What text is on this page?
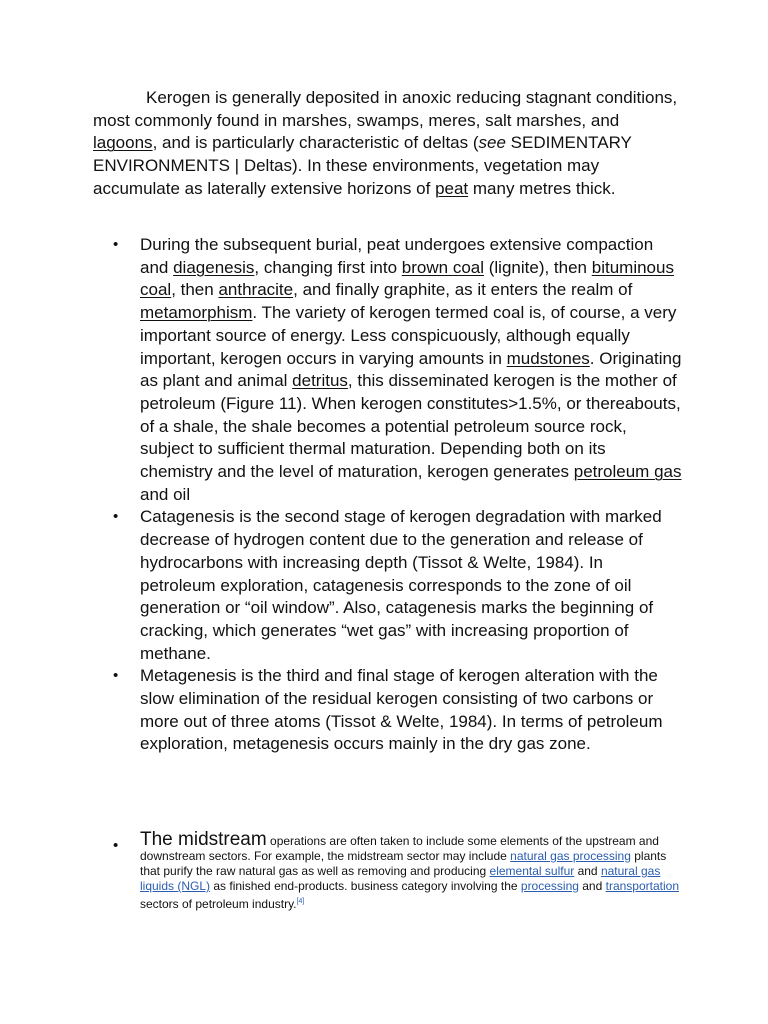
Kerogen is generally deposited in anoxic reducing stagnant conditions, most commonly found in marshes, swamps, meres, salt marshes, and lagoons, and is particularly characteristic of deltas (see SEDIMENTARY ENVIRONMENTS | Deltas). In these environments, vegetation may accumulate as laterally extensive horizons of peat many metres thick.

• During the subsequent burial, peat undergoes extensive compaction and diagenesis, changing first into brown coal (lignite), then bituminous coal, then anthracite, and finally graphite, as it enters the realm of metamorphism. The variety of kerogen termed coal is, of course, a very important source of energy. Less conspicuously, although equally important, kerogen occurs in varying amounts in mudstones. Originating as plant and animal detritus, this disseminated kerogen is the mother of petroleum (Figure 11). When kerogen constitutes>1.5%, or thereabouts, of a shale, the shale becomes a potential petroleum source rock, subject to sufficient thermal maturation. Depending both on its chemistry and the level of maturation, kerogen generates petroleum gas and oil
• Catagenesis is the second stage of kerogen degradation with marked decrease of hydrogen content due to the generation and release of hydrocarbons with increasing depth (Tissot & Welte, 1984). In petroleum exploration, catagenesis corresponds to the zone of oil generation or “oil window”. Also, catagenesis marks the beginning of cracking, which generates “wet gas” with increasing proportion of methane.
• Metagenesis is the third and final stage of kerogen alteration with the slow elimination of the residual kerogen consisting of two carbons or more out of three atoms (Tissot & Welte, 1984). In terms of petroleum exploration, metagenesis occurs mainly in the dry gas zone.
• The midstream operations are often taken to include some elements of the upstream and downstream sectors. For example, the midstream sector may include natural gas processing plants that purify the raw natural gas as well as removing and producing elemental sulfur and natural gas liquids (NGL) as finished end-products. business category involving the processing and transportation sectors of petroleum industry.[4]
